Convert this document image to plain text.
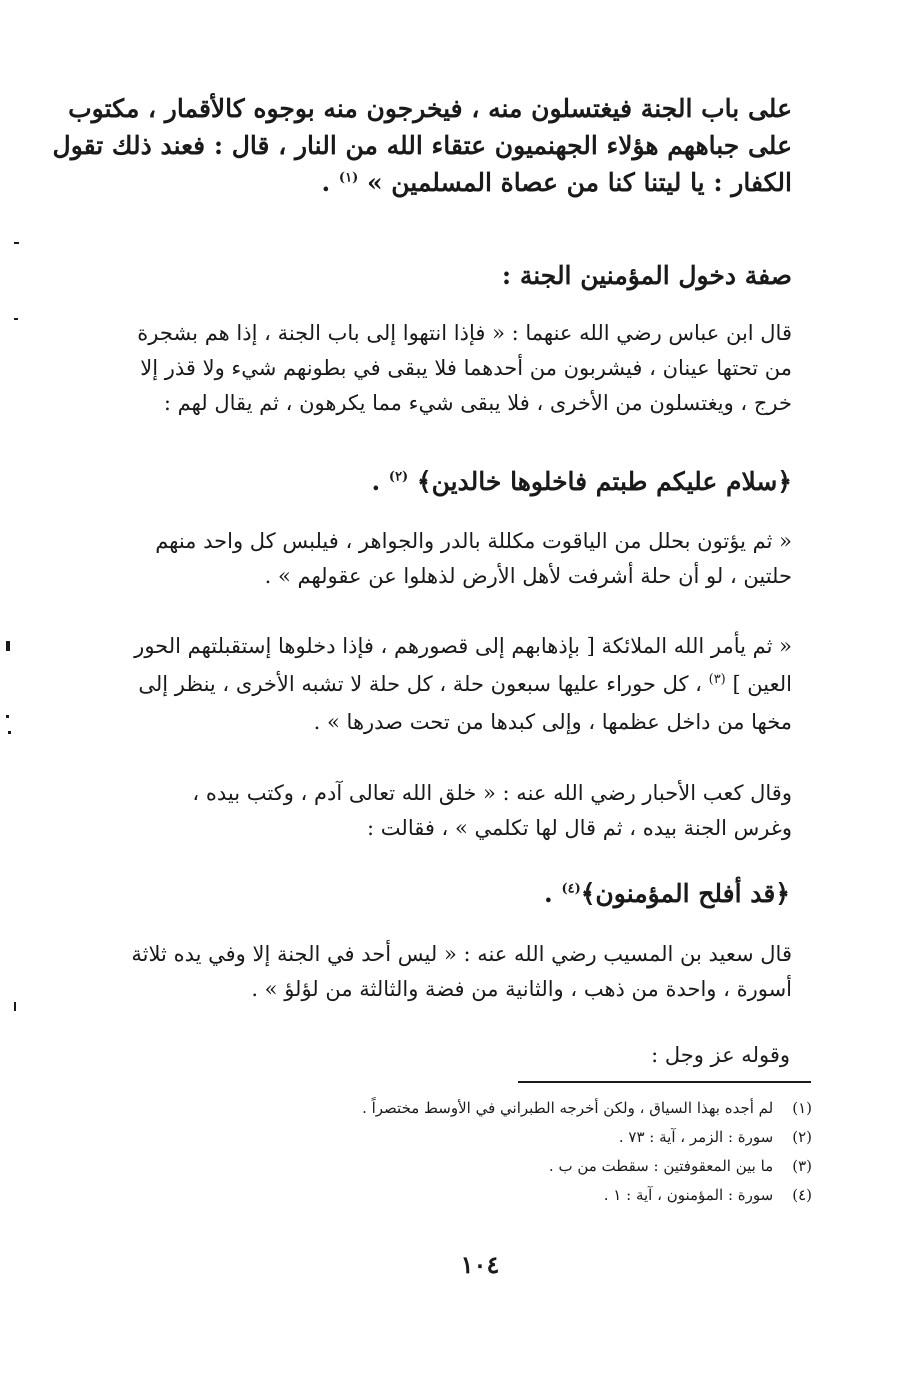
على باب الجنة فيغتسلون منه ، فيخرجون منه بوجوه كالأقمار ، مكتوب
على جباههم هؤلاء الجهنميون عتقاء الله من النار ، قال : فعند ذلك تقول
الكفار : يا ليتنا كنا من عصاة المسلمين » $^{(١)}$ .
صفة دخول المؤمنين الجنة :
قال ابن عباس رضي الله عنهما : « فإذا انتهوا إلى باب الجنة ، إذا هم بشجرة
من تحتها عينان ، فيشربون من أحدهما فلا يبقى في بطونهم شيء ولا قذر إلا
خرج ، ويغتسلون من الأخرى ، فلا يبقى شيء مما يكرهون ، ثم يقال لهم :
﴿سلام عليكم طبتم فاخلوها خالدين﴾ $^{(٢)}$ .
« ثم يؤتون بحلل من الياقوت مكللة بالدر والجواهر ، فيلبس كل واحد منهم
حلتين ، لو أن حلة أشرفت لأهل الأرض لذهلوا عن عقولهم » .
« ثم يأمر الله الملائكة [ بإذهابهم إلى قصورهم ، فإذا دخلوها إستقبلتهم الحور
العين ] $^{(٣)}$ ، كل حوراء عليها سبعون حلة ، كل حلة لا تشبه الأخرى ، ينظر إلى
مخها من داخل عظمها ، وإلى كبدها من تحت صدرها » .
وقال كعب الأحبار رضي الله عنه : « خلق الله تعالى آدم ، وكتب بيده ،
وغرس الجنة بيده ، ثم قال لها تكلمي » ، فقالت :
﴿قد أفلح المؤمنون﴾$^{(٤)}$ .
قال سعيد بن المسيب رضي الله عنه : « ليس أحد في الجنة إلا وفي يده ثلاثة
أسورة ، واحدة من ذهب ، والثانية من فضة والثالثة من لؤلؤ » .
وقوله عز وجل :
(١) لم أجده بهذا السياق ، ولكن أخرجه الطبراني في الأوسط مختصراً .
(٢) سورة : الزمر ، آية : ٧٣ .
(٣) ما بين المعقوفتين : سقطت من ب .
(٤) سورة : المؤمنون ، آية : ١ .
١٠٤
